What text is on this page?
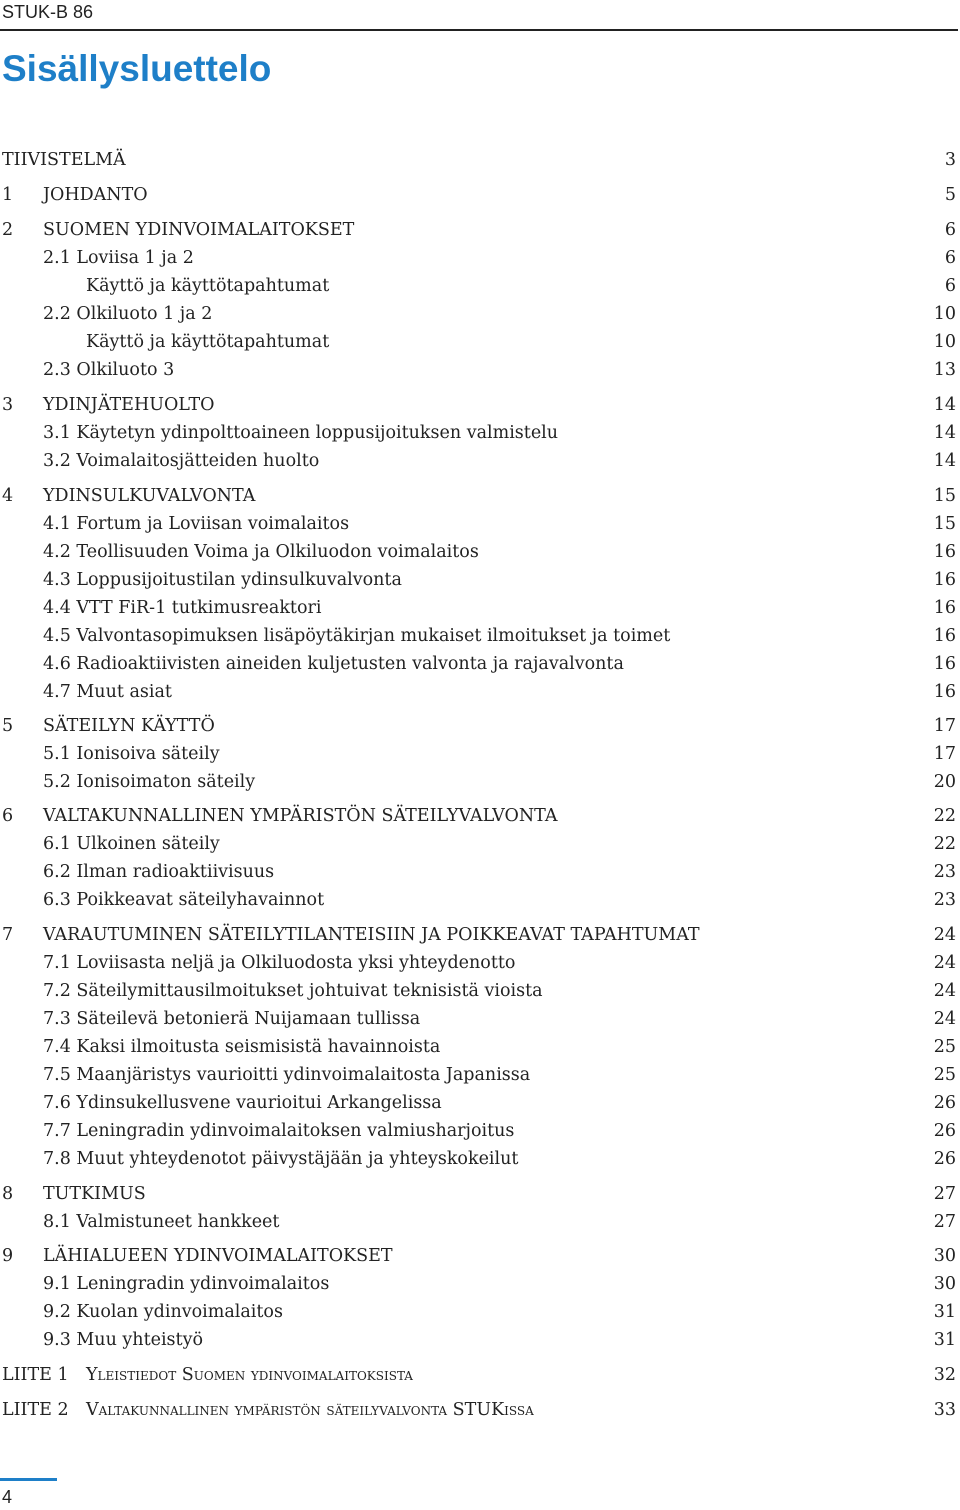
STUK-B 86
Sisällysluettelo
TIIVISTELMÄ	3
1 JOHDANTO	5
2 SUOMEN YDINVOIMALAITOKSET	6
2.1 Loviisa 1 ja 2	6
Käyttö ja käyttötapahtumat	6
2.2 Olkiluoto 1 ja 2	10
Käyttö ja käyttötapahtumat	10
2.3 Olkiluoto 3	13
3 YDINJÄTEHUOLTO	14
3.1 Käytetyn ydinpolttoaineen loppusijoituksen valmistelu	14
3.2 Voimalaitosjätteiden huolto	14
4 YDINSULKUVALVONTA	15
4.1 Fortum ja Loviisan voimalaitos	15
4.2 Teollisuuden Voima ja Olkiluodon voimalaitos	16
4.3 Loppusijoitustilan ydinsulkuvalvonta	16
4.4 VTT FiR-1 tutkimusreaktori	16
4.5 Valvontasopimuksen lisäpöytäkirjan mukaiset ilmoitukset ja toimet	16
4.6 Radioaktiivisten aineiden kuljetusten valvonta ja rajavalvonta	16
4.7 Muut asiat	16
5 SÄTEILYN KÄYTTÖ	17
5.1 Ionisoiva säteily	17
5.2 Ionisoimaton säteily	20
6 VALTAKUNNALLINEN YMPÄRISTÖN SÄTEILYVALVONTA	22
6.1 Ulkoinen säteily	22
6.2 Ilman radioaktiivisuus	23
6.3 Poikkeavat säteilyhavainnot	23
7 VARAUTUMINEN SÄTEILYTILANTEISIIN JA POIKKEAVAT TAPAHTUMAT	24
7.1 Loviisasta neljä ja Olkiluodosta yksi yhteydenotto	24
7.2 Säteilymittausilmoitukset johtuivat teknisistä vioista	24
7.3 Säteilevä betonierä Nuijamaan tullissa	24
7.4 Kaksi ilmoitusta seismisistä havainnoista	25
7.5 Maanjäristys vaurioitti ydinvoimalaitosta Japanissa	25
7.6 Ydinsukellusvene vaurioitui Arkangelissa	26
7.7 Leningradin ydinvoimalaitoksen valmiusharjoitus	26
7.8 Muut yhteydenotot päivystäjään ja yhteyskokeilut	26
8 TUTKIMUS	27
8.1 Valmistuneet hankkeet	27
9 LÄHIALUEEN YDINVOIMALAITOKSET	30
9.1 Leningradin ydinvoimalaitos	30
9.2 Kuolan ydinvoimalaitos	31
9.3 Muu yhteistyö	31
LIITE 1 Yleistiedot Suomen ydinvoimalaitoksista	32
LIITE 2 Valtakunnallinen ympäristön säteilyvalvonta STUKissa	33
4
